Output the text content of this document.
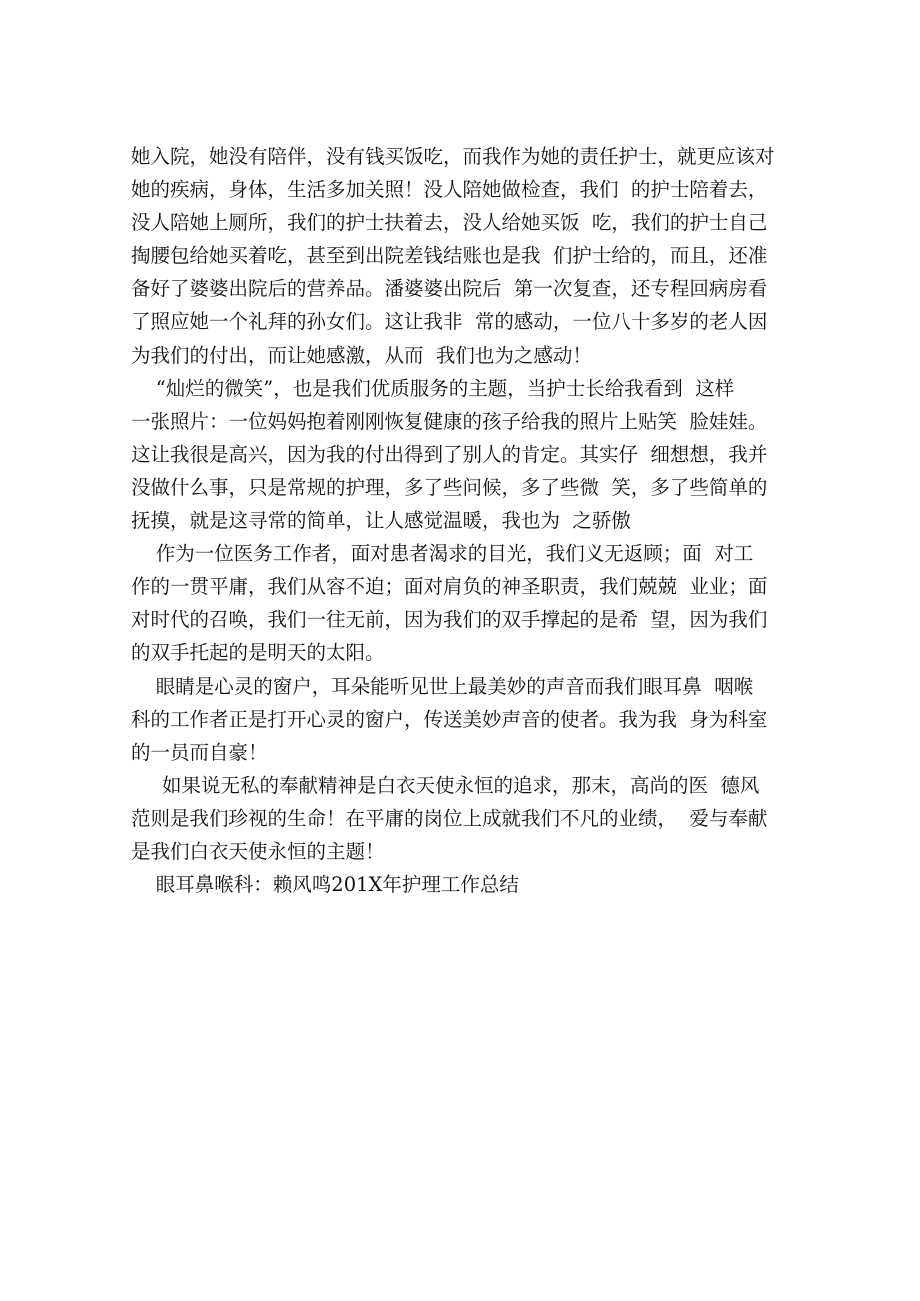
她入院，她没有陪伴，没有钱买饭吃，而我作为她的责任护士，就更应该对
她的疾病，身体，生活多加关照！没人陪她做检查，我们  的护士陪着去，
没人陪她上厕所，我们的护士扶着去，没人给她买饭  吃，我们的护士自己
掏腰包给她买着吃，甚至到出院差钱结账也是我  们护士给的，而且，还准
备好了婆婆出院后的营养品。潘婆婆出院后  第一次复查，还专程回病房看
了照应她一个礼拜的孙女们。这让我非  常的感动，一位八十多岁的老人因
为我们的付出，而让她感激，从而  我们也为之感动！
“灿烂的微笑”，也是我们优质服务的主题，当护士长给我看到  这样
一张照片：一位妈妈抱着刚刚恢复健康的孩子给我的照片上贴笑  脸娃娃。
这让我很是高兴，因为我的付出得到了别人的肯定。其实仔  细想想，我并
没做什么事，只是常规的护理，多了些问候，多了些微  笑，多了些简单的
抚摸，就是这寻常的简单，让人感觉温暖，我也为  之骄傲
作为一位医务工作者，面对患者渴求的目光，我们义无返顾；面  对工
作的一贯平庸，我们从容不迫；面对肩负的神圣职责，我们兢兢  业业；面
对时代的召唤，我们一往无前，因为我们的双手撑起的是希  望，因为我们
的双手托起的是明天的太阳。
眼睛是心灵的窗户，耳朵能听见世上最美妙的声音而我们眼耳鼻  咽喉
科的工作者正是打开心灵的窗户，传送美妙声音的使者。我为我  身为科室
的一员而自豪！
如果说无私的奉献精神是白衣天使永恒的追求，那末，高尚的医  德风
范则是我们珍视的生命！在平庸的岗位上成就我们不凡的业绩，  爱与奉献
是我们白衣天使永恒的主题！
眼耳鼻喉科：赖风鸣201X年护理工作总结
